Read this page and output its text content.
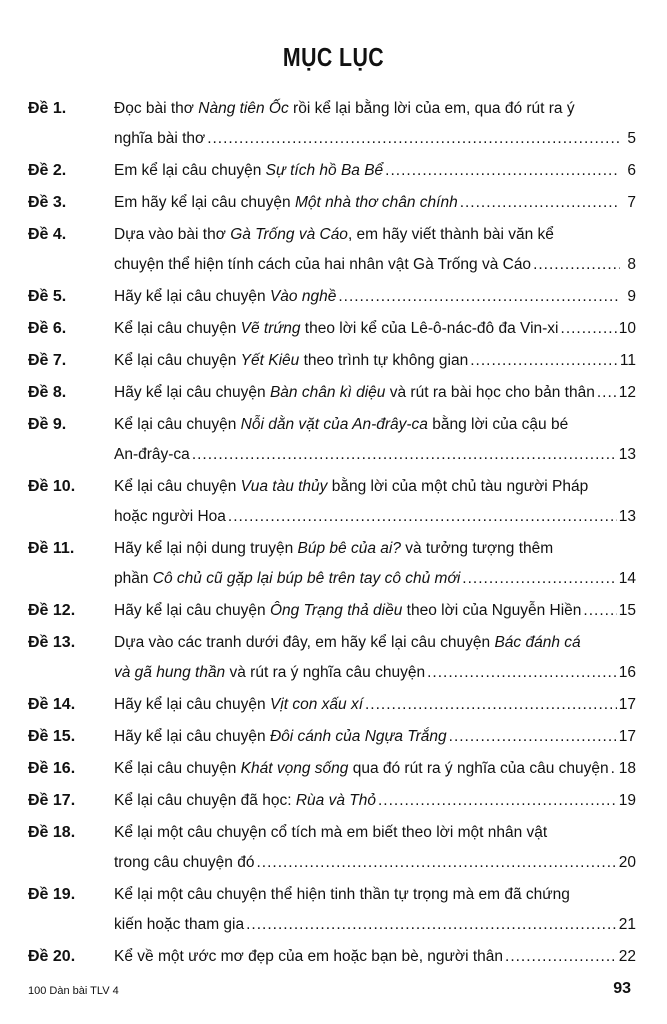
MỤC LỤC
Đề 1.	Đọc bài thơ Nàng tiên Ốc rồi kể lại bằng lời của em, qua đó rút ra ý
nghĩa bài thơ .....	5
Đề 2.	Em kể lại câu chuyện Sự tích hồ Ba Bể .....	6
Đề 3.	Em hãy kể lại câu chuyện Một nhà thơ chân chính .....	7
Đề 4.	Dựa vào bài thơ Gà Trống và Cáo, em hãy viết thành bài văn kể
chuyện thể hiện tính cách của hai nhân vật Gà Trống và Cáo .....	8
Đề 5.	Hãy kể lại câu chuyện Vào nghề .....	9
Đề 6.	Kể lại câu chuyện Vẽ trứng theo lời kể của Lê-ô-nác-đô đa Vin-xi .....	10
Đề 7.	Kể lại câu chuyện Yết Kiêu theo trình tự không gian .....	11
Đề 8.	Hãy kể lại câu chuyện Bàn chân kì diệu và rút ra bài học cho bản thân ..... 12
Đề 9.	Kể lại câu chuyện Nỗi dằn vặt của An-đrây-ca bằng lời của cậu bé
An-đrây-ca .....	13
Đề 10.	Kể lại câu chuyện Vua tàu thủy bằng lời của một chủ tàu người Pháp
hoặc người Hoa .....	13
Đề 11.	Hãy kể lại nội dung truyện Búp bê của ai? và tưởng tượng thêm
phần Cô chủ cũ gặp lại búp bê trên tay cô chủ mới .....	14
Đề 12.	Hãy kể lại câu chuyện Ông Trạng thả diều theo lời của Nguyễn Hiền ..... 15
Đề 13.	Dựa vào các tranh dưới đây, em hãy kể lại câu chuyện Bác đánh cá
và gã hung thần và rút ra ý nghĩa câu chuyện .....	16
Đề 14.	Hãy kể lại câu chuyện Vịt con xấu xí .....	17
Đề 15.	Hãy kể lại câu chuyện Đôi cánh của Ngựa Trắng .....	17
Đề 16.	Kể lại câu chuyện Khát vọng sống qua đó rút ra ý nghĩa của câu chuyện ..... 18
Đề 17.	Kể lại câu chuyện đã học: Rùa và Thỏ .....	19
Đề 18.	Kể lại một câu chuyện cổ tích mà em biết theo lời một nhân vật
trong câu chuyện đó .....	20
Đề 19.	Kể lại một câu chuyện thể hiện tinh thần tự trọng mà em đã chứng
kiến hoặc tham gia .....	21
Đề 20.	Kể về một ước mơ đẹp của em hoặc bạn bè, người thân .....	22
100 Dàn bài TLV 4	93
